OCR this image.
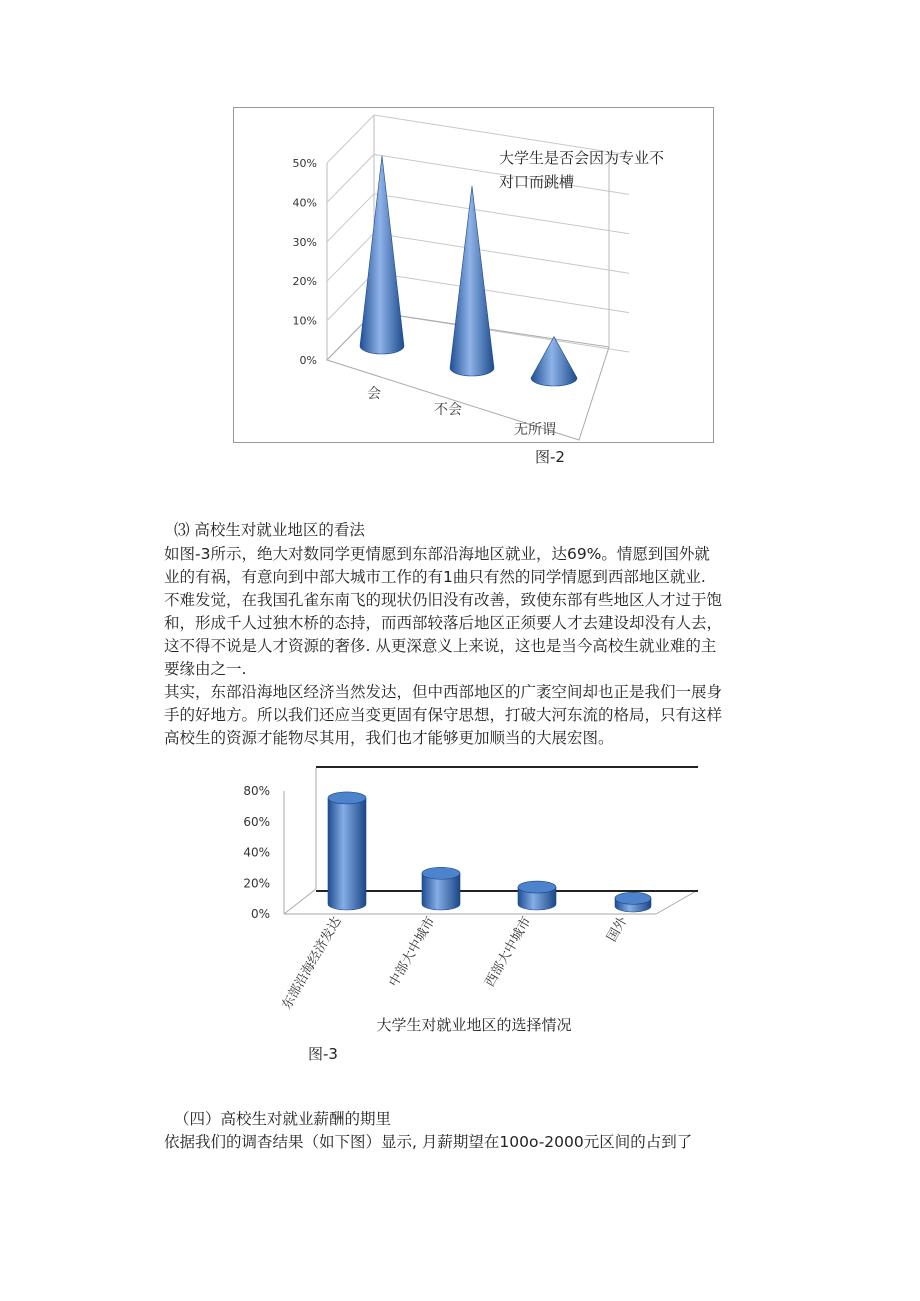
0%
10%
20%
30%
40%
50%	大学生是否会因为专业不
对口而跳槽
会
不会
无所谓
图-2

⑶ 高校生对就业地区的看法

如图-3所示，绝大对数同学更情愿到东部沿海地区就业，达69%。情愿到国外就业的有祸，有意向到中部大城市工作的有1曲只有然的同学情愿到西部地区就业.

不难发觉，在我国孔雀东南飞的现状仍旧没有改善，致使东部有些地区人才过于饱和，形成千人过独木桥的态持，而西部较落后地区正须要人才去建设却没有人去，这不得不说是人才资源的奢侈. 从更深意义上来说，这也是当今高校生就业难的主要缘由之一.

其实，东部沿海地区经济当然发达，但中西部地区的广袤空间却也正是我们一展身手的好地方。所以我们还应当变更固有保守思想，打破大河东流的格局，只有这样高校生的资源才能物尽其用，我们也才能够更加顺当的大展宏图。

0%
20%
40%
60%
80%
东部沿海经济发达	中部大中城市	西部大中城市	国外
大学生对就业地区的选择情况
图-3

（四）高校生对就业薪酬的期里

依据我们的调杳结果（如下图）显示, 月薪期望在100o-2000元区间的占到了
